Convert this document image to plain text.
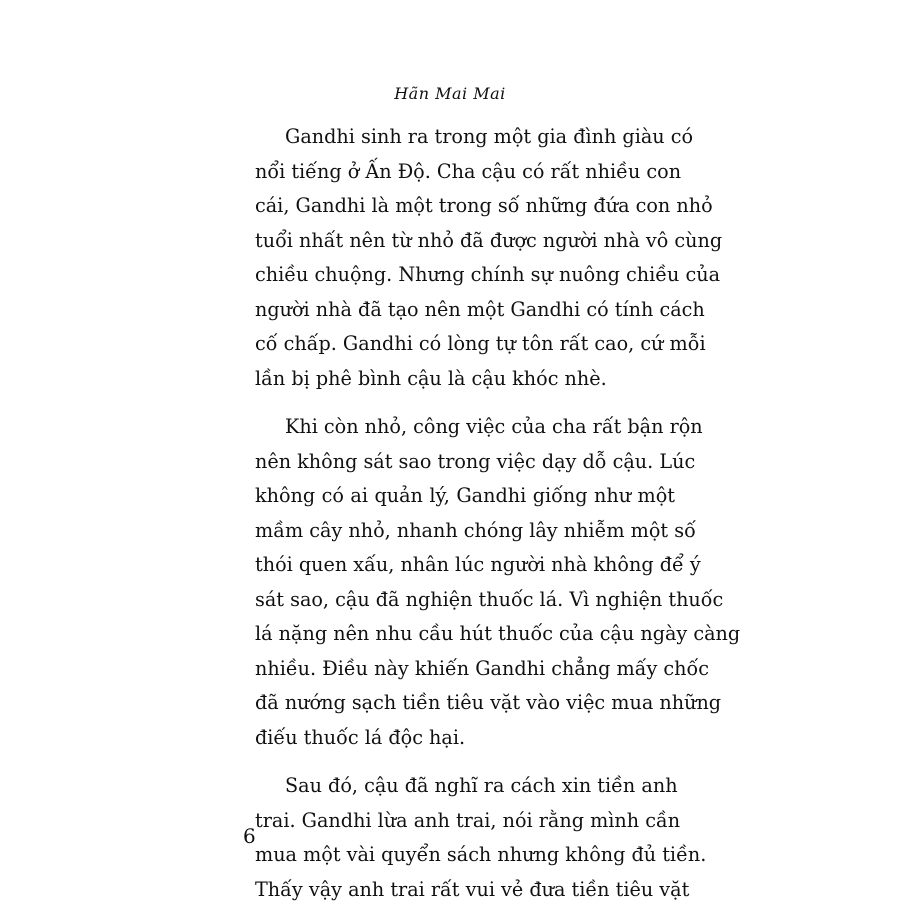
Hãn Mai Mai

Gandhi sinh ra trong một gia đình giàu có
nổi tiếng ở Ấn Độ. Cha cậu có rất nhiều con
cái, Gandhi là một trong số những đứa con nhỏ
tuổi nhất nên từ nhỏ đã được người nhà vô cùng
chiều chuộng. Nhưng chính sự nuông chiều của
người nhà đã tạo nên một Gandhi có tính cách
cố chấp. Gandhi có lòng tự tôn rất cao, cứ mỗi
lần bị phê bình cậu là cậu khóc nhè.

Khi còn nhỏ, công việc của cha rất bận rộn
nên không sát sao trong việc dạy dỗ cậu. Lúc
không có ai quản lý, Gandhi giống như một
mầm cây nhỏ, nhanh chóng lây nhiễm một số
thói quen xấu, nhân lúc người nhà không để ý
sát sao, cậu đã nghiện thuốc lá. Vì nghiện thuốc
lá nặng nên nhu cầu hút thuốc của cậu ngày càng
nhiều. Điều này khiến Gandhi chẳng mấy chốc
đã nướng sạch tiền tiêu vặt vào việc mua những
điếu thuốc lá độc hại.

Sau đó, cậu đã nghĩ ra cách xin tiền anh
trai. Gandhi lừa anh trai, nói rằng mình cần
mua một vài quyển sách nhưng không đủ tiền.
Thấy vậy anh trai rất vui vẻ đưa tiền tiêu vặt

6
